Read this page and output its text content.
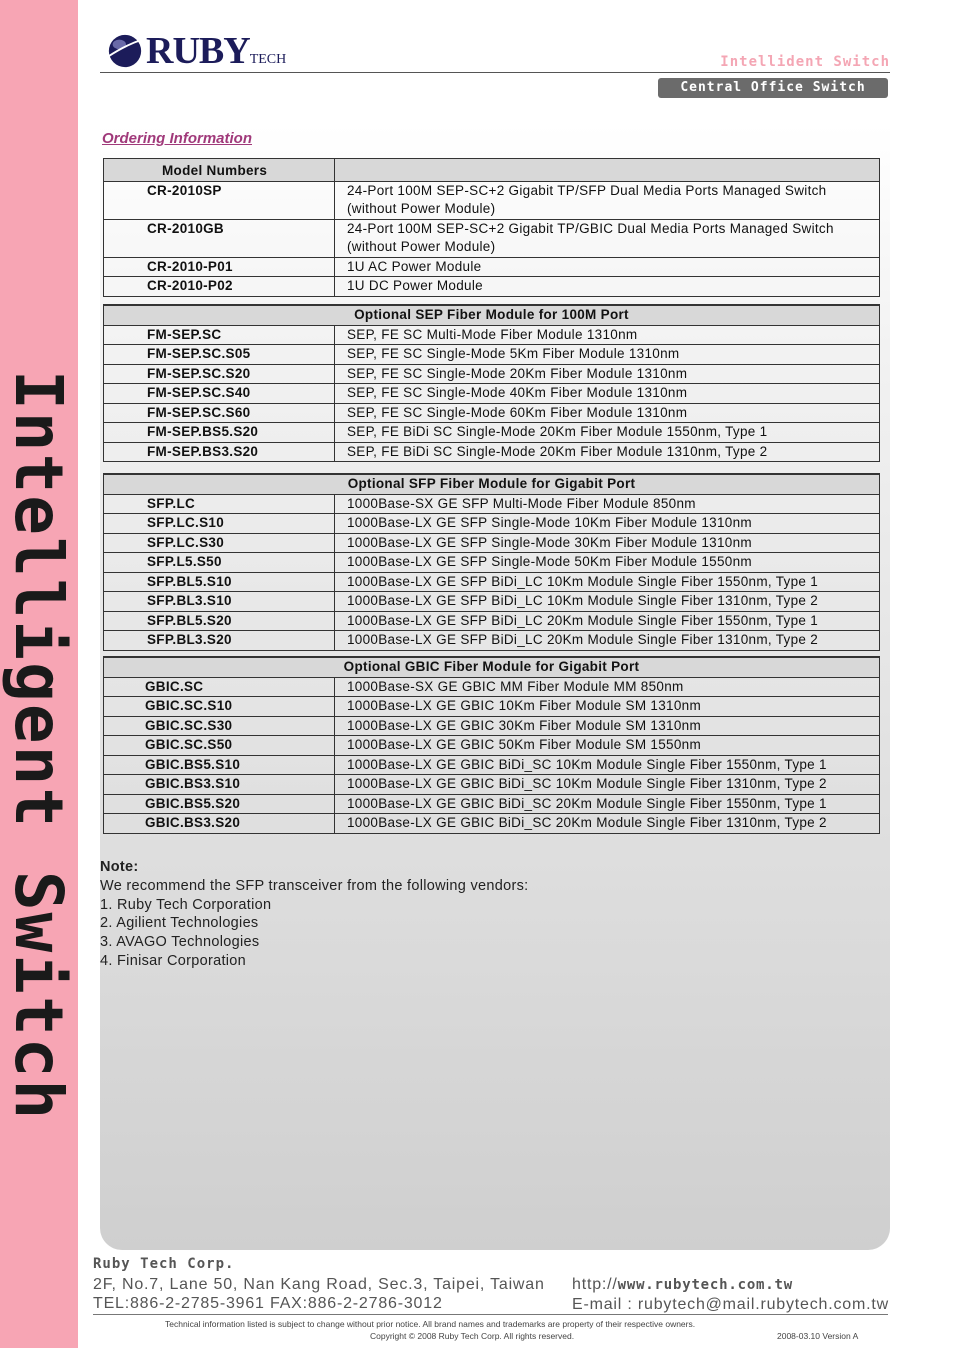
Intelligent Switch
RUBY TECH	Intellident Switch
Central Office Switch
Ordering Information
Model Numbers	
CR-2010SP	24-Port 100M SEP-SC+2 Gigabit TP/SFP Dual Media Ports Managed Switch
(without Power Module)
CR-2010GB	24-Port 100M SEP-SC+2 Gigabit TP/GBIC Dual Media Ports Managed Switch
(without Power Module)
CR-2010-P01	1U AC Power Module
CR-2010-P02	1U DC Power Module
Optional SEP Fiber Module for 100M Port	
FM-SEP.SC	SEP, FE SC Multi-Mode Fiber Module 1310nm
FM-SEP.SC.S05	SEP, FE SC Single-Mode 5Km Fiber Module 1310nm
FM-SEP.SC.S20	SEP, FE SC Single-Mode 20Km Fiber Module 1310nm
FM-SEP.SC.S40	SEP, FE SC Single-Mode 40Km Fiber Module 1310nm
FM-SEP.SC.S60	SEP, FE SC Single-Mode 60Km Fiber Module 1310nm
FM-SEP.BS5.S20	SEP, FE BiDi SC Single-Mode 20Km Fiber Module 1550nm, Type 1
FM-SEP.BS3.S20	SEP, FE BiDi SC Single-Mode 20Km Fiber Module 1310nm, Type 2
Optional SFP Fiber Module for Gigabit Port	
SFP.LC	1000Base-SX GE SFP Multi-Mode Fiber Module 850nm
SFP.LC.S10	1000Base-LX GE SFP Single-Mode 10Km Fiber Module 1310nm
SFP.LC.S30	1000Base-LX GE SFP Single-Mode 30Km Fiber Module 1310nm
SFP.L5.S50	1000Base-LX GE SFP Single-Mode 50Km Fiber Module 1550nm
SFP.BL5.S10	1000Base-LX GE SFP BiDi_LC 10Km Module Single Fiber 1550nm, Type 1
SFP.BL3.S10	1000Base-LX GE SFP BiDi_LC 10Km Module Single Fiber 1310nm, Type 2
SFP.BL5.S20	1000Base-LX GE SFP BiDi_LC 20Km Module Single Fiber 1550nm, Type 1
SFP.BL3.S20	1000Base-LX GE SFP BiDi_LC 20Km Module Single Fiber 1310nm, Type 2
Optional GBIC Fiber Module for Gigabit Port	
GBIC.SC	1000Base-SX GE GBIC MM Fiber Module MM 850nm
GBIC.SC.S10	1000Base-LX GE GBIC 10Km Fiber Module SM 1310nm
GBIC.SC.S30	1000Base-LX GE GBIC 30Km Fiber Module SM 1310nm
GBIC.SC.S50	1000Base-LX GE GBIC 50Km Fiber Module SM 1550nm
GBIC.BS5.S10	1000Base-LX GE GBIC BiDi_SC 10Km Module Single Fiber 1550nm, Type 1
GBIC.BS3.S10	1000Base-LX GE GBIC BiDi_SC 10Km Module Single Fiber 1310nm, Type 2
GBIC.BS5.S20	1000Base-LX GE GBIC BiDi_SC 20Km Module Single Fiber 1550nm, Type 1
GBIC.BS3.S20	1000Base-LX GE GBIC BiDi_SC 20Km Module Single Fiber 1310nm, Type 2
Note:
We recommend the SFP transceiver from the following vendors:
1. Ruby Tech Corporation
2. Agilient Technologies
3. AVAGO Technologies
4. Finisar Corporation
Ruby Tech Corp.
2F, No.7, Lane 50, Nan Kang Road, Sec.3, Taipei, Taiwan
TEL:886-2-2785-3961 FAX:886-2-2786-3012
http://www.rubytech.com.tw
E-mail : rubytech@mail.rubytech.com.tw
Technical information listed is subject to change without prior notice. All brand names and trademarks are property of their respective owners.
Copyright © 2008 Ruby Tech Corp. All rights reserved.	2008-03.10 Version A
